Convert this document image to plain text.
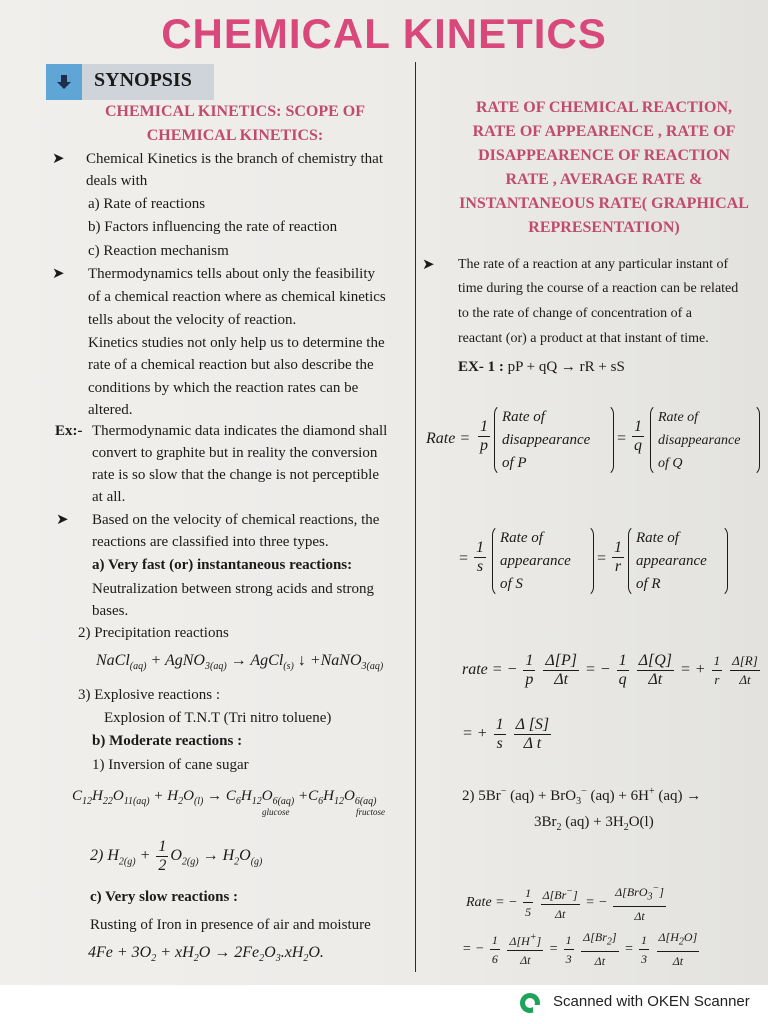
CHEMICAL KINETICS
SYNOPSIS
CHEMICAL KINETICS: SCOPE OF
CHEMICAL KINETICS:
➤ Chemical Kinetics is the branch of chemistry that
deals with
a) Rate of reactions
b) Factors influencing the rate of reaction
c) Reaction mechanism
➤ Thermodynamics tells about only the feasibility
of a chemical reaction where as chemical kinetics
tells about the velocity of reaction.
Kinetics studies not only help us to determine the
rate of a chemical reaction but also describe the
conditions by which the reaction rates can be
altered.
Ex:- Thermodynamic data indicates the diamond shall
convert to graphite but in reality the conversion
rate is so slow that the change is not perceptible
at all.
➤ Based on the velocity of chemical reactions, the
reactions are classified into three types.
a) Very fast (or) instantaneous reactions:
Neutralization between strong acids and strong
bases.
2) Precipitation reactions
NaCl$_{(aq)}$ + AgNO$_{3(aq)}$ → AgCl$_{(s)}$ ↓ +NaNO$_{3(aq)}$
3) Explosive reactions :
Explosion of T.N.T (Tri nitro toluene)
b) Moderate reactions :
1) Inversion of cane sugar
$C_{12}H_{22}O_{11(aq)} + H_2O_{(l)} \to C_6H_{12}O_{6(aq)} +C_6H_{12}O_{6(aq)}$
glucose	fructose
2) $H_{2(g)} + \frac{1}{2} O_{2(g)} \to H_2O_{(g)}$
c) Very slow reactions :
Rusting of Iron in presence of air and moisture
$4Fe + 3O_2 + xH_2O \to 2Fe_2O_3.xH_2O$.
RATE OF CHEMICAL REACTION,
RATE OF APPEARENCE , RATE OF
DISAPPEARENCE OF REACTION
RATE , AVERAGE RATE &
INSTANTANEOUS RATE( GRAPHICAL
REPRESENTATION)
➤ The rate of a reaction at any particular instant of
time during the course of a reaction can be related
to the rate of change of concentration of a
reactant (or) a product at that instant of time.
EX- 1 : pP + qQ → rR + sS
Rate = $\frac{1}{p}$
Rate of
disappearance
of P
= $\frac{1}{q}$
Rate of
disappearance
of Q
= $\frac{1}{s}$
Rate of
appearance
of S
= $\frac{1}{r}$
Rate of
appearance
of R
rate = − $\frac{1}{p}$
$\frac{\Delta[P]}{\Delta t}$ = − $\frac{1}{q}$
$\frac{\Delta[Q]}{\Delta t}$ = + $\frac{1}{r}$
$\frac{\Delta[R]}{\Delta t}$
= + $\frac{1}{s}$
$\frac{\Delta [S]}{\text{Δ t}}$
2) 5Br− (aq) + BrO$_3$− (aq) + 6H+ (aq) →
$3Br_2$ $(aq) + 3H_2O(l)$
Rate = − $\frac{1}{5}$
$\frac{\Delta[Br^-]}{\Delta t}$ = − $\frac{\Delta[BrO_3^-]}{\Delta t}$
= − $\frac{1}{6}$
$\frac{\Delta[H^+]}{\Delta t} = \frac{1}{3}$
$\frac{\Delta[Br_2]}{\Delta t} = \frac{1}{3}$
$\frac{\Delta[H_2O]}{\Delta t}$
Scanned with OKEN Scanner
